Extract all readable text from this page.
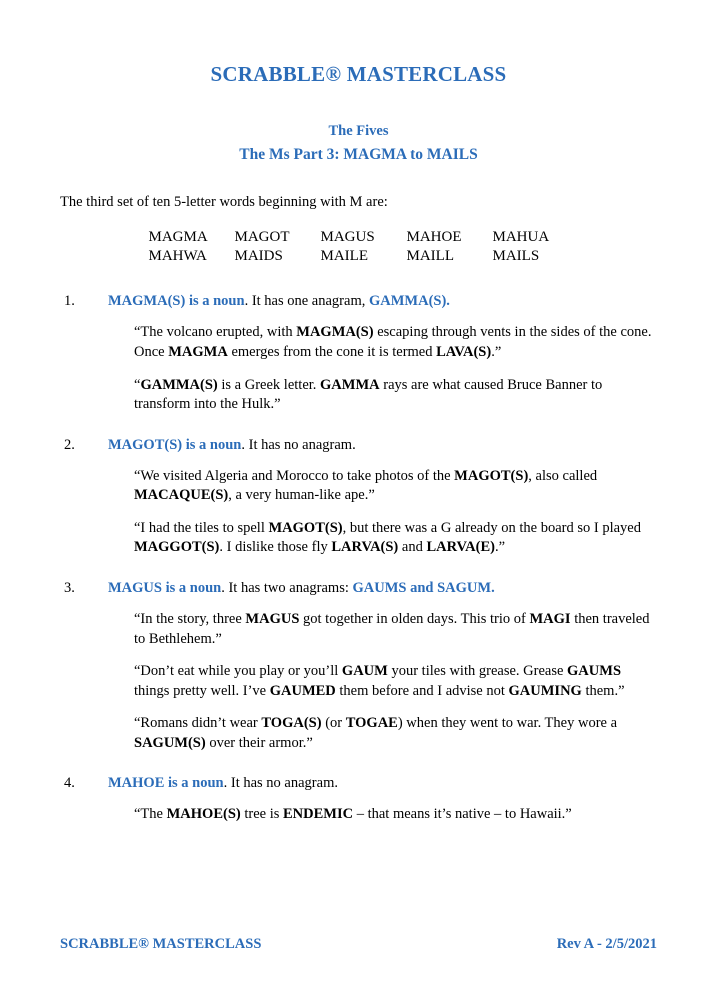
SCRABBLE® MASTERCLASS
The Fives
The Ms Part 3: MAGMA to MAILS
The third set of ten 5-letter words beginning with M are:
MAGMA	MAGOT	MAGUS	MAHOE	MAHUA
MAHWA	MAIDS	MAILE	MAILL	MAILS
1.	MAGMA(S) is a noun. It has one anagram, GAMMA(S).
“The volcano erupted, with MAGMA(S) escaping through vents in the sides of the cone. Once MAGMA emerges from the cone it is termed LAVA(S).”
“GAMMA(S) is a Greek letter. GAMMA rays are what caused Bruce Banner to transform into the Hulk.”
2.	MAGOT(S) is a noun. It has no anagram.
“We visited Algeria and Morocco to take photos of the MAGOT(S), also called MACAQUE(S), a very human-like ape.”
“I had the tiles to spell MAGOT(S), but there was a G already on the board so I played MAGGOT(S). I dislike those fly LARVA(S) and LARVA(E).”
3.	MAGUS is a noun. It has two anagrams: GAUMS and SAGUM.
“In the story, three MAGUS got together in olden days. This trio of MAGI then traveled to Bethlehem.”
“Don’t eat while you play or you’ll GAUM your tiles with grease. Grease GAUMS things pretty well. I’ve GAUMED them before and I advise not GAUMING them.”
“Romans didn’t wear TOGA(S) (or TOGAE) when they went to war. They wore a SAGUM(S) over their armor.”
4.	MAHOE is a noun. It has no anagram.
“The MAHOE(S) tree is ENDEMIC – that means it’s native – to Hawaii.”
SCRABBLE® MASTERCLASS	Rev A - 2/5/2021
